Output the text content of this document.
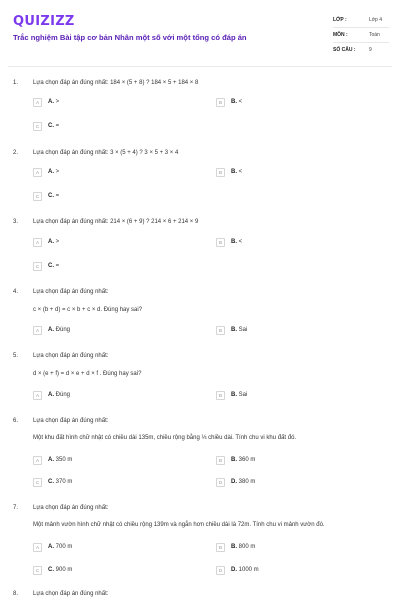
QUIZIZZ
Trắc nghiệm Bài tập cơ bản Nhân một số với một tổng có đáp án
LỚP :	Lớp 4
MÔN :	Toán
SỐ CÂU :	9
1. Lựa chọn đáp án đúng nhất: 184 × (5 + 8) ? 184 × 5 + 184 × 8
A	A. >	B	B. <
C	C. =
2. Lựa chọn đáp án đúng nhất: 3 × (5 + 4) ? 3 × 5 + 3 × 4
A	A. >	B	B. <
C	C. =
3. Lựa chọn đáp án đúng nhất: 214 × (6 + 9) ? 214 × 6 + 214 × 9
A	A. >	B	B. <
C	C. =
4. Lựa chọn đáp án đúng nhất:
c × (b + d) = c × b + c × d. Đúng hay sai?
A	A. Đúng	B	B. Sai
5. Lựa chọn đáp án đúng nhất:
d × (e + f) = d × e + d × f . Đúng hay sai?
A	A. Đúng	B	B. Sai
6. Lựa chọn đáp án đúng nhất:
Một khu đất hình chữ nhật có chiều dài 135m, chiều rộng bằng ⅓ chiều dài. Tính chu vi khu đất đó.
A	A. 350 m	B	B. 360 m
C	C. 370 m	D	D. 380 m
7. Lựa chọn đáp án đúng nhất:
Một mảnh vườn hình chữ nhật có chiều rộng 139m và ngắn hơn chiều dài là 72m. Tính chu vi mảnh vườn đó.
A	A. 700 m	B	B. 800 m
C	C. 900 m	D	D. 1000 m
8. Lựa chọn đáp án đúng nhất:
